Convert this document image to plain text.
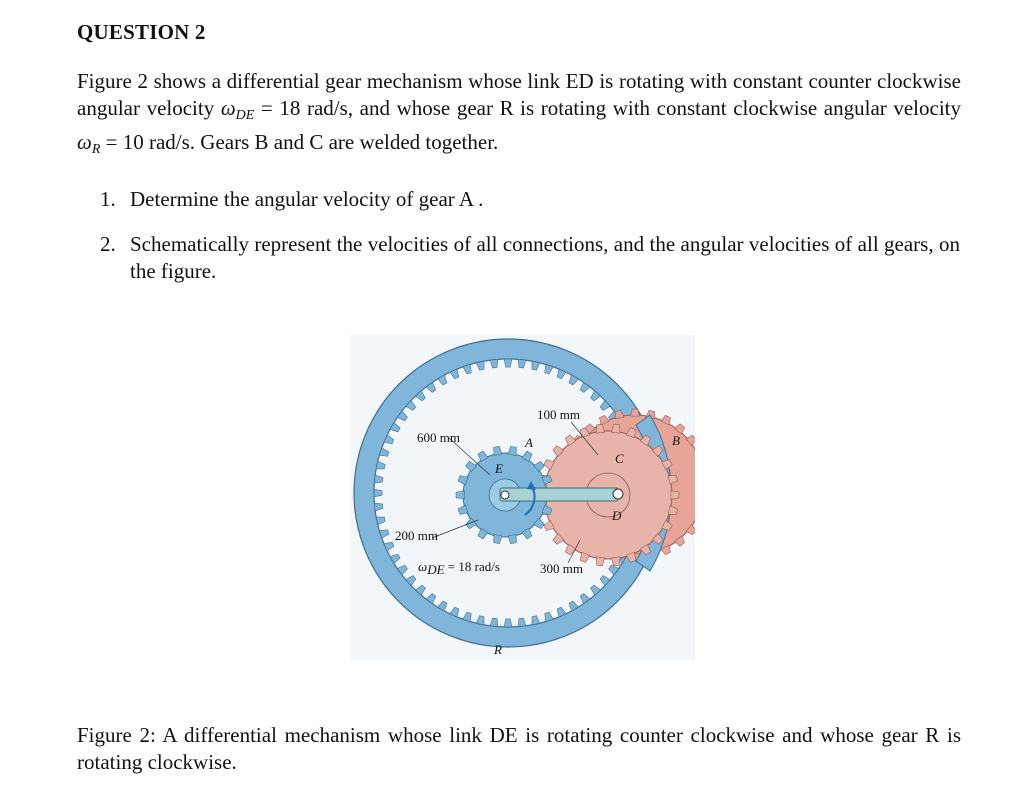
QUESTION 2
Figure 2 shows a differential gear mechanism whose link ED is rotating with constant counter clockwise angular velocity $\omega_{DE} = 18$ rad/s, and whose gear R is rotating with constant clockwise angular velocity $\omega_R = 10$ rad/s. Gears B and C are welded together.
1. Determine the angular velocity of gear A .
2. Schematically represent the velocities of all connections, and the angular velocities of all gears, on the figure.
100 mm
600 mm
200 mm
300 mm
A	B
C
D
E
R
ωDE = 18 rad/s
Figure 2: A differential mechanism whose link DE is rotating counter clockwise and whose gear R is rotating clockwise.
